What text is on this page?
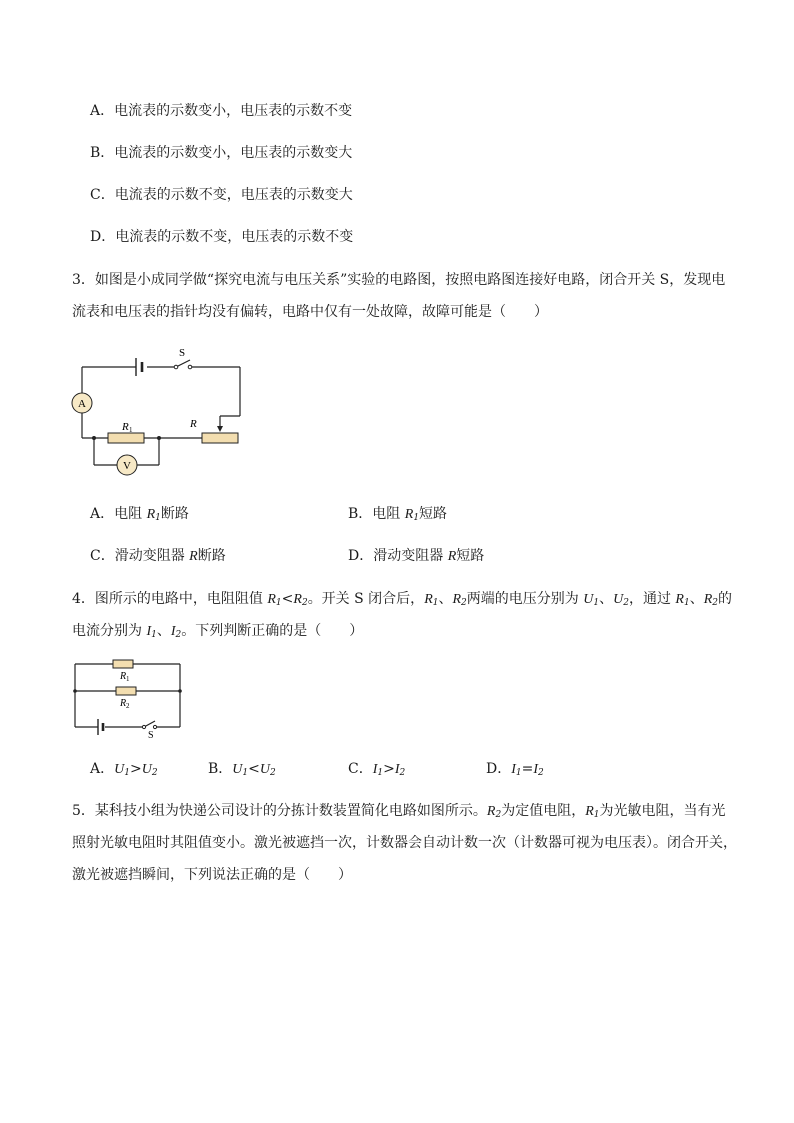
A．电流表的示数变小，电压表的示数不变
B．电流表的示数变小，电压表的示数变大
C．电流表的示数不变，电压表的示数变大
D．电流表的示数不变，电压表的示数不变
3．如图是小成同学做“探究电流与电压关系”实验的电路图，按照电路图连接好电路，闭合开关 S，发现电
流表和电压表的指针均没有偏转，电路中仅有一处故障，故障可能是（　　）
A
V
S
R 1	R
A．电阻 $R_1$断路	B．电阻 $R_1$短路
C．滑动变阻器 R断路	D．滑动变阻器 R短路
4．图所示的电路中，电阻阻值 $R_1<R_2$。开关 S 闭合后，$R_1$、$R_2$两端的电压分别为 $U_1$、$U_2$，通过 $R_1$、$R_2$的
电流分别为 $I_1$、$I_2$。下列判断正确的是（　　）
R 1
R 2
S
A．$U_1>U_2$	B．$U_1<U_2$	C．$I_1>I_2$	D．$I_1=I_2$
5．某科技小组为快递公司设计的分拣计数装置简化电路如图所示。$R_2$为定值电阻，$R_1$为光敏电阻，当有光
照射光敏电阻时其阻值变小。激光被遮挡一次，计数器会自动计数一次（计数器可视为电压表）。闭合开关，
激光被遮挡瞬间，下列说法正确的是（　　）
